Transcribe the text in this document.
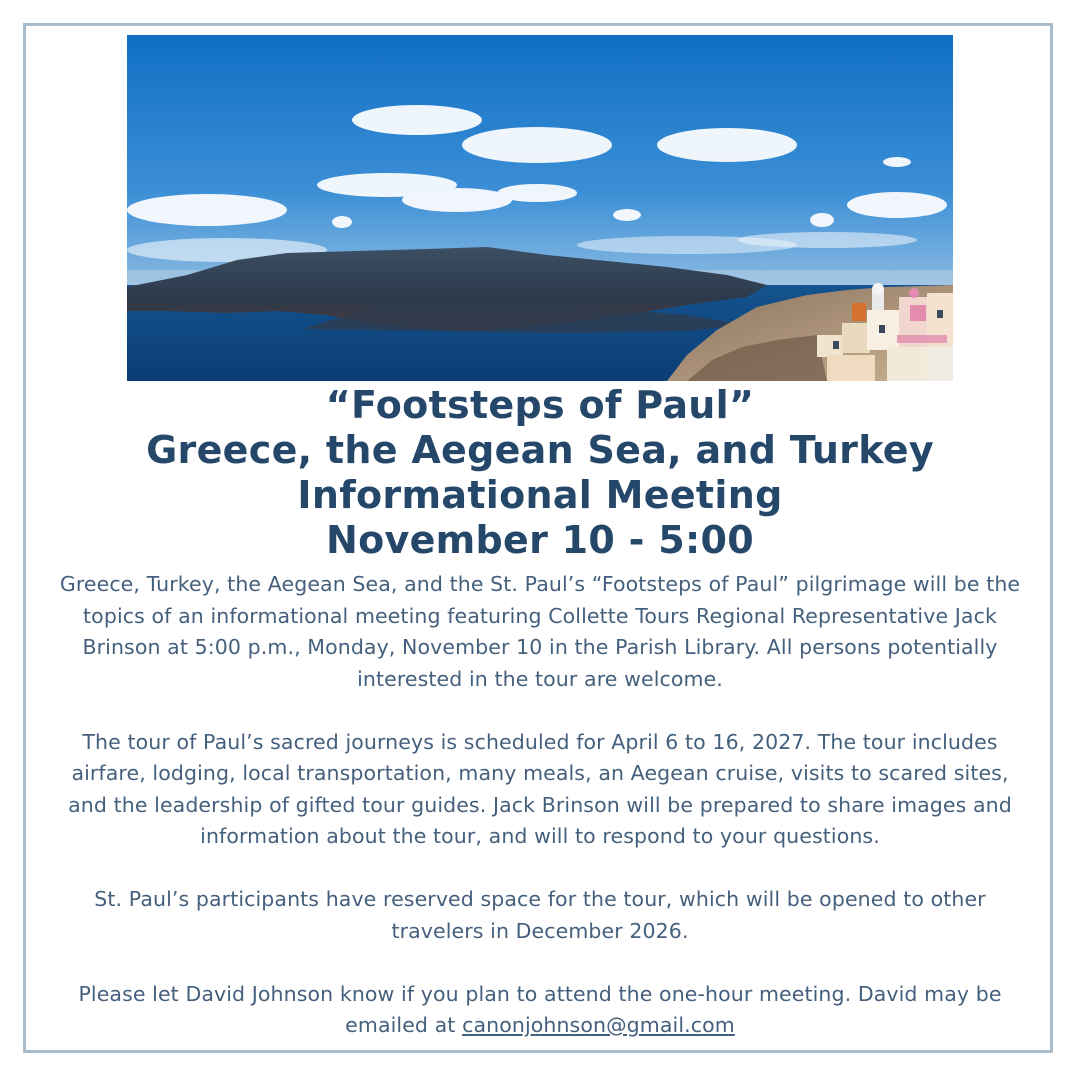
“Footsteps of Paul”
Greece, the Aegean Sea, and Turkey
Informational Meeting
November 10 - 5:00

Greece, Turkey, the Aegean Sea, and the St. Paul’s “Footsteps of Paul” pilgrimage will be the topics of an informational meeting featuring Collette Tours Regional Representative Jack Brinson at 5:00 p.m., Monday, November 10 in the Parish Library. All persons potentially interested in the tour are welcome.

The tour of Paul’s sacred journeys is scheduled for April 6 to 16, 2027. The tour includes airfare, lodging, local transportation, many meals, an Aegean cruise, visits to scared sites, and the leadership of gifted tour guides. Jack Brinson will be prepared to share images and information about the tour, and will to respond to your questions.

St. Paul’s participants have reserved space for the tour, which will be opened to other travelers in December 2026.

Please let David Johnson know if you plan to attend the one-hour meeting. David may be emailed at canonjohnson@gmail.com
